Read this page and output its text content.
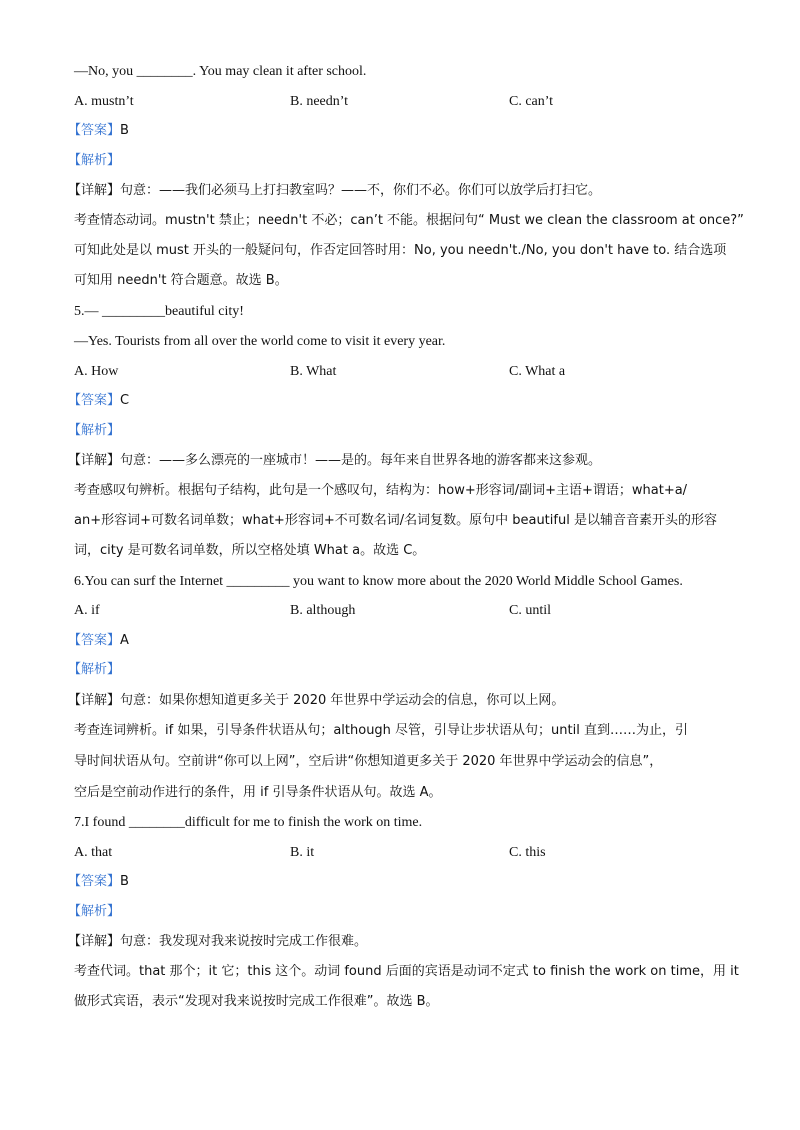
—No, you ________. You may clean it after school.
A. mustn’t	B. needn’t	C. can’t
【答案】B
【解析】
【详解】句意：——我们必须马上打扫教室吗？——不，你们不必。你们可以放学后打扫它。
考查情态动词。mustn't 禁止；needn't 不必；can’t 不能。根据问句“ Must we clean the classroom at once?”
可知此处是以 must 开头的一般疑问句，作否定回答时用：No, you needn't./No, you don't have to. 结合选项
可知用 needn't 符合题意。故选 B。
5.— _________beautiful city!
—Yes. Tourists from all over the world come to visit it every year.
A. How	B. What	C. What a
【答案】C
【解析】
【详解】句意：——多么漂亮的一座城市！——是的。每年来自世界各地的游客都来这参观。
考查感叹句辨析。根据句子结构，此句是一个感叹句，结构为：how+形容词/副词+主语+谓语；what+a/
an+形容词+可数名词单数；what+形容词+不可数名词/名词复数。原句中 beautiful 是以辅音音素开头的形容
词，city 是可数名词单数，所以空格处填 What a。故选 C。
6.You can surf the Internet _________ you want to know more about the 2020 World Middle School Games.
A. if	B. although	C. until
【答案】A
【解析】
【详解】句意：如果你想知道更多关于 2020 年世界中学运动会的信息，你可以上网。
考查连词辨析。if 如果，引导条件状语从句；although 尽管，引导让步状语从句；until 直到……为止，引
导时间状语从句。空前讲“你可以上网”，空后讲“你想知道更多关于 2020 年世界中学运动会的信息”，
空后是空前动作进行的条件，用 if 引导条件状语从句。故选 A。
7.I found ________difficult for me to finish the work on time.
A. that	B. it	C. this
【答案】B
【解析】
【详解】句意：我发现对我来说按时完成工作很难。
考查代词。that 那个；it 它；this 这个。动词 found 后面的宾语是动词不定式 to finish the work on time，用 it
做形式宾语，表示“发现对我来说按时完成工作很难”。故选 B。
